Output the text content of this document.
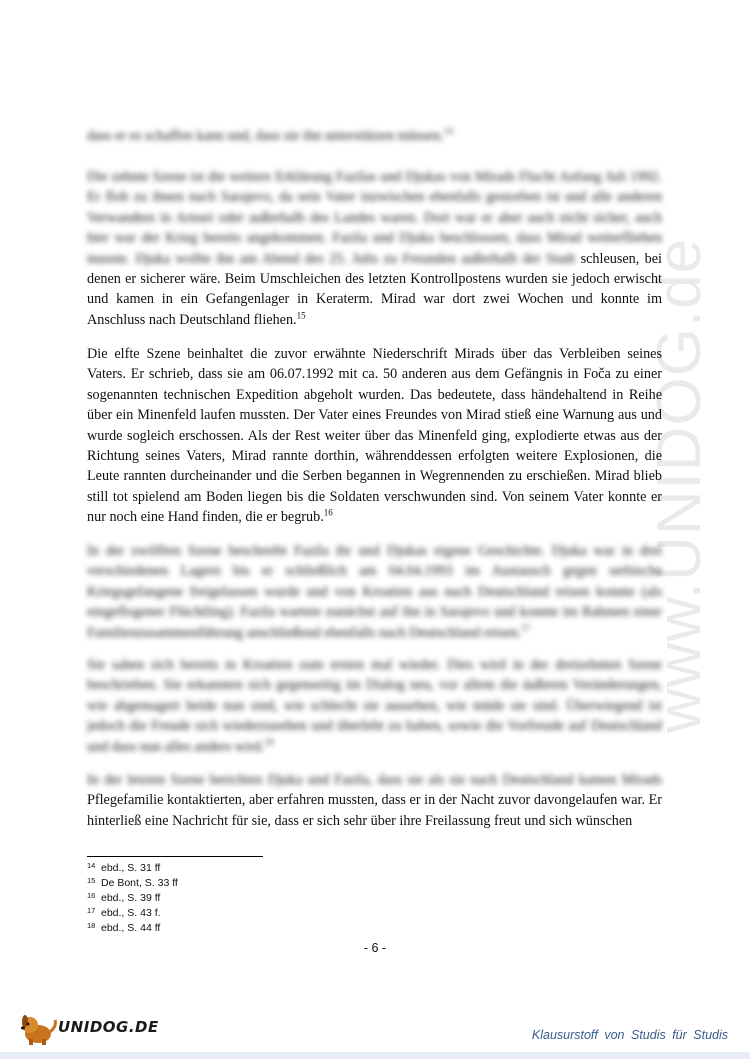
www.UNIDOG.de

dass er es schaffen kann und, dass sie ihn unterstützen müssen.$^{14}$

Die zehnte Szene ist die weitere Erklärung Fazilas und Djukas von Mirads Flucht Anfang Juli 1992. Er floh zu ihnen nach Sarajevo, da sein Vater inzwischen ebenfalls gestorben ist und alle anderen Verwandten in Arnsei oder außerhalb des Landes waren. Dort war er aber auch nicht sicher, auch hier war der Krieg bereits angekommen. Fazila und Djuka beschlossen, dass Mirad weiterfliehen musste. Djuka wollte ihn am Abend des 25. Julis zu Freunden außerhalb der Stadt schleusen, bei denen er sicherer wäre. Beim Umschleichen des letzten Kontrollpostens wurden sie jedoch erwischt und kamen in ein Gefangenlager in Keraterm. Mirad war dort zwei Wochen und konnte im Anschluss nach Deutschland fliehen.$^{15}$

Die elfte Szene beinhaltet die zuvor erwähnte Niederschrift Mirads über das Verbleiben seines Vaters. Er schrieb, dass sie am 06.07.1992 mit ca. 50 anderen aus dem Gefängnis in Foča zu einer sogenannten technischen Expedition abgeholt wurden. Das bedeutete, dass händehaltend in Reihe über ein Minenfeld laufen mussten. Der Vater eines Freundes von Mirad stieß eine Warnung aus und wurde sogleich erschossen. Als der Rest weiter über das Minenfeld ging, explodierte etwas aus der Richtung seines Vaters, Mirad rannte dorthin, währenddessen erfolgten weitere Explosionen, die Leute rannten durcheinander und die Serben begannen in Wegrennenden zu erschießen. Mirad blieb still tot spielend am Boden liegen bis die Soldaten verschwunden sind. Von seinem Vater konnte er nur noch eine Hand finden, die er begrub.$^{16}$

In der zwölften Szene beschreibt Fazila ihr und Djukas eigene Geschichte. Djuka war in drei verschiedenen Lagern bis er schließlich am 04.04.1993 im Austausch gegen serbische Kriegsgefangene freigelassen wurde und von Kroatien aus nach Deutschland reisen konnte (als eingeflogener Flüchtling). Fazila wartete zunächst auf ihn in Sarajevo und konnte im Rahmen einer Familienzusammenführung anschließend ebenfalls nach Deutschland reisen.$^{17}$

Sie sahen sich bereits in Kroatien zum ersten mal wieder. Dies wird in der dreizehnten Szene beschrieben. Sie erkannten sich gegenseitig im Dialog neu, vor allem die äußeren Veränderungen, wie abgemagert beide nun sind, wie schlecht sie aussehen, wie müde sie sind. Überwiegend ist jedoch die Freude sich wiederzusehen und überlebt zu haben, sowie die Vorfreude auf Deutschland und dass nun alles anders wird.$^{18}$

In der letzten Szene berichten Djuka und Fazila, dass sie als sie nach Deutschland kamen Mirads Pflegefamilie kontaktierten, aber erfahren mussten, dass er in der Nacht zuvor davongelaufen war. Er hinterließ eine Nachricht für sie, dass er sich sehr über ihre Freilassung freut und sich wünschen

14 ebd., S. 31 ff
15 De Bont, S. 33 ff
16 ebd., S. 39 ff
17 ebd., S. 43 f.
18 ebd., S. 44 ff
- 6 -
UNIDOG.DE	Klausurstoff von Studis für Studis
